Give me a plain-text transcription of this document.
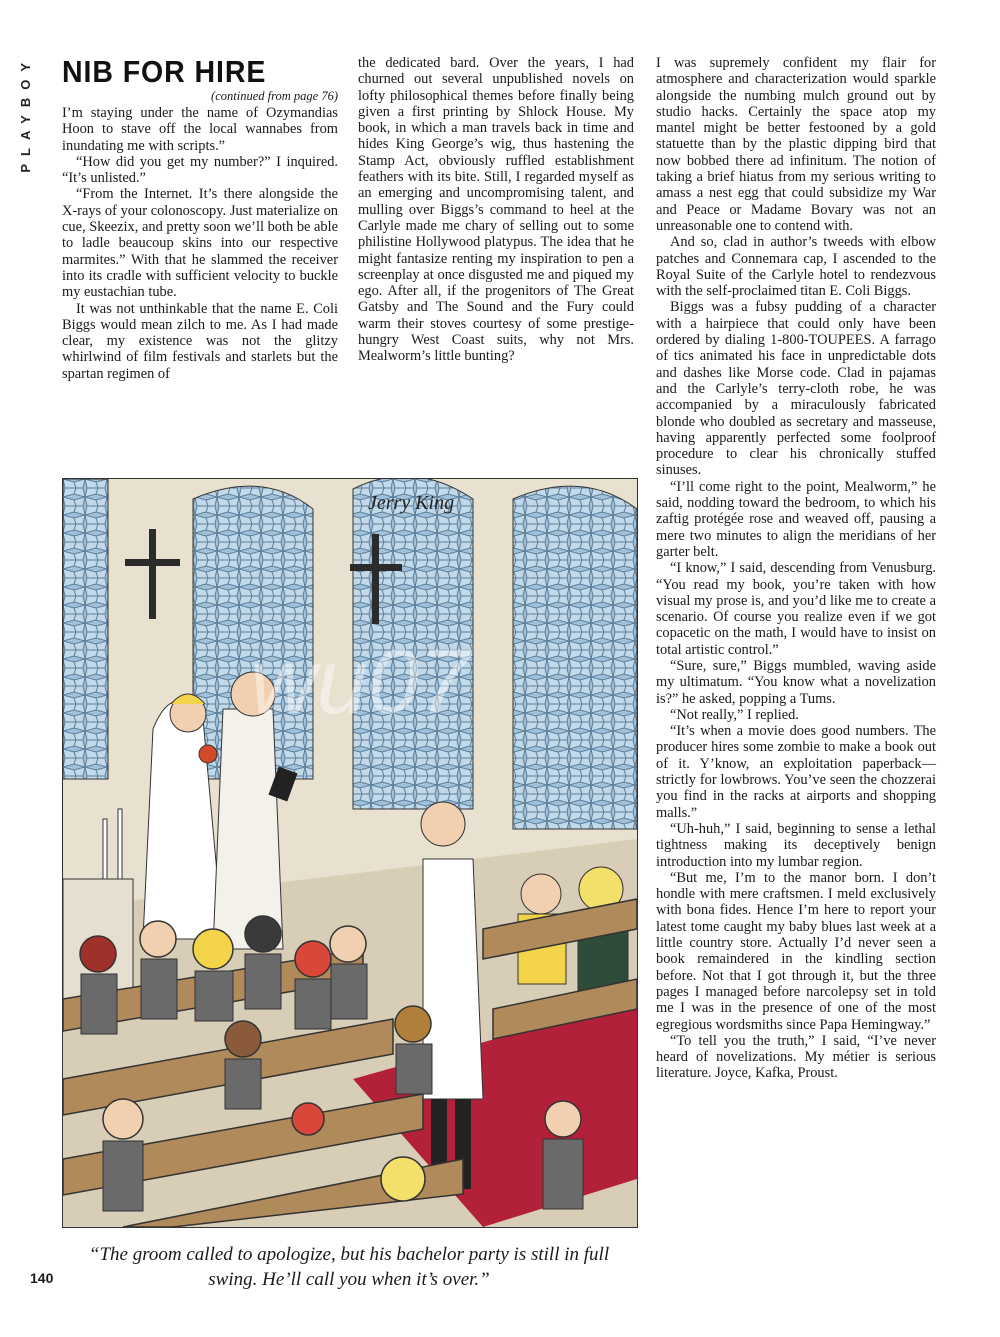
PLAYBOY NIB FOR HIRE
(continued from page 76)

I’m staying under the name of Ozymandias Hoon to stave off the local wannabes from inundating me with scripts.”

“How did you get my number?” I inquired. “It’s unlisted.”

“From the Internet. It’s there alongside the X-rays of your colonoscopy. Just materialize on cue, Skeezix, and pretty soon we’ll both be able to ladle beaucoup skins into our respective marmites.” With that he slammed the receiver into its cradle with sufficient velocity to buckle my eustachian tube.

It was not unthinkable that the name E. Coli Biggs would mean zilch to me. As I had made clear, my existence was not the glitzy whirlwind of film festivals and starlets but the spartan regimen of

the dedicated bard. Over the years, I had churned out several unpublished novels on lofty philosophical themes before finally being given a first printing by Shlock House. My book, in which a man travels back in time and hides King George’s wig, thus hastening the Stamp Act, obviously ruffled establishment feathers with its bite. Still, I regarded myself as an emerging and uncompromising talent, and mulling over Biggs’s command to heel at the Carlyle made me chary of selling out to some philistine Hollywood platypus. The idea that he might fantasize renting my inspiration to pen a screenplay at once disgusted me and piqued my ego. After all, if the progenitors of The Great Gatsby and The Sound and the Fury could warm their stoves courtesy of some prestige-hungry West Coast suits, why not Mrs. Mealworm’s little bunting?

I was supremely confident my flair for atmosphere and characterization would sparkle alongside the numbing mulch ground out by studio hacks. Certainly the space atop my mantel might be better festooned by a gold statuette than by the plastic dipping bird that now bobbed there ad infinitum. The notion of taking a brief hiatus from my serious writing to amass a nest egg that could subsidize my War and Peace or Madame Bovary was not an unreasonable one to contend with.

And so, clad in author’s tweeds with elbow patches and Connemara cap, I ascended to the Royal Suite of the Carlyle hotel to rendezvous with the self-proclaimed titan E. Coli Biggs.

Biggs was a fubsy pudding of a character with a hairpiece that could only have been ordered by dialing 1-800-TOUPEES. A farrago of tics animated his face in unpredictable dots and dashes like Morse code. Clad in pajamas and the Carlyle’s terry-cloth robe, he was accompanied by a miraculously fabricated blonde who doubled as secretary and masseuse, having apparently perfected some foolproof procedure to clear his chronically stuffed sinuses.

“I’ll come right to the point, Mealworm,” he said, nodding toward the bedroom, to which his zaftig protégée rose and weaved off, pausing a mere two minutes to align the meridians of her garter belt.

“I know,” I said, descending from Venusburg. “You read my book, you’re taken with how visual my prose is, and you’d like me to create a scenario. Of course you realize even if we got copacetic on the math, I would have to insist on total artistic control.”

“Sure, sure,” Biggs mumbled, waving aside my ultimatum. “You know what a novelization is?” he asked, popping a Tums.

“Not really,” I replied.

“It’s when a movie does good numbers. The producer hires some zombie to make a book out of it. Y’know, an exploitation paperback—strictly for lowbrows. You’ve seen the chozzerai you find in the racks at airports and shopping malls.”

“Uh-huh,” I said, beginning to sense a lethal tightness making its deceptively benign introduction into my lumbar region.

“But me, I’m to the manor born. I don’t hondle with mere craftsmen. I meld exclusively with bona fides. Hence I’m here to report your latest tome caught my baby blues last week at a little country store. Actually I’d never seen a book remaindered in the kindling section before. Not that I got through it, but the three pages I managed before narcolepsy set in told me I was in the presence of one of the most egregious wordsmiths since Papa Hemingway.”

“To tell you the truth,” I said, “I’ve never heard of novelizations. My métier is serious literature. Joyce, Kafka, Proust.

Jerry King
wu07
“The groom called to apologize, but his bachelor party is still in full swing. He’ll call you when it’s over.”
140
